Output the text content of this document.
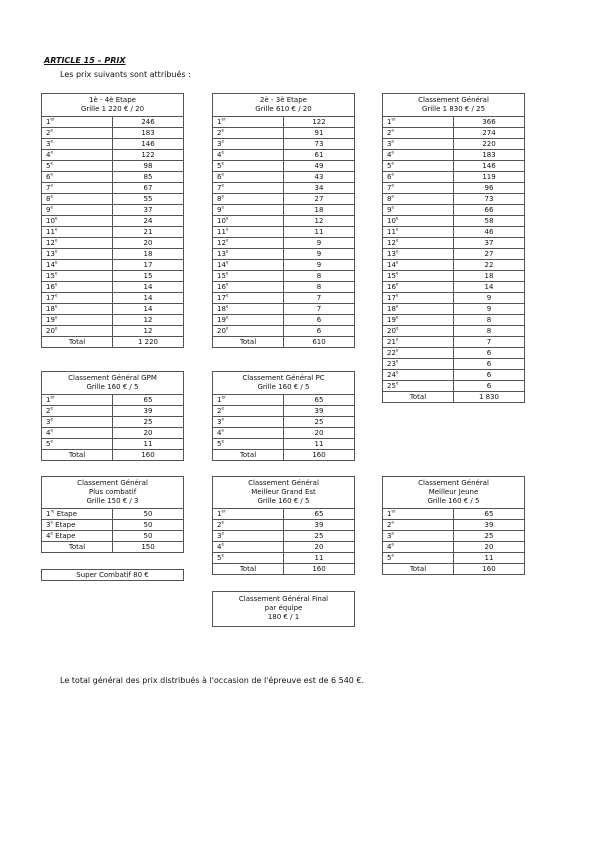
ARTICLE 15 – PRIX
Les prix suivants sont attribués :
1è - 4è Etape
Grille 1 220 € / 20	

1er	246
2e	183
3e	146
4e	122
5e	98
6e	85
7e	67
8e	55
9e	37
10e	24
11e	21
12e	20
13e	18
14e	17
15e	15
16e	14
17e	14
18e	14
19e	12
20e	12
Total	1 220
2è - 3è Etape
Grille 610 € / 20	

1er	122
2e	91
3e	73
4e	61
5e	49
6e	43
7e	34
8e	27
9e	18
10e	12
11e	11
12e	9
13e	9
14e	9
15e	8
16e	8
17e	7
18e	7
19e	6
20e	6
Total	610
Classement Général
Grille 1 830 € / 25	

1er	366
2e	274
3e	220
4e	183
5e	146
6e	119
7e	96
8e	73
9e	66
10e	58
11e	46
12e	37
13e	27
14e	22
15e	18
16e	14
17e	9
18e	9
19e	8
20e	8
21e	7
22e	6
23e	6
24e	6
25e	6
Total	1 830
Classement Général GPM
Grille 160 € / 5	

1er	65
2e	39
3e	25
4e	20
5e	11
Total	160
Classement Général PC
Grille 160 € / 5	

1er	65
2e	39
3e	25
4e	20
5e	11
Total	160
Classement Général
Plus combatif
Grille 150 € / 3	

1re Etape	50
3e Etape	50
4e Etape	50
Total	150
Classement Général
Meilleur Grand Est
Grille 160 € / 5	

1er	65
2e	39
3e	25
4e	20
5e	11
Total	160
Classement Général
Meilleur Jeune
Grille 160 € / 5	

1er	65
2e	39
3e	25
4e	20
5e	11
Total	160
Super Combatif 80 €
Classement Général Final
par équipe
180 € / 1
Le total général des prix distribués à l'occasion de l'épreuve est de 6 540 €.
